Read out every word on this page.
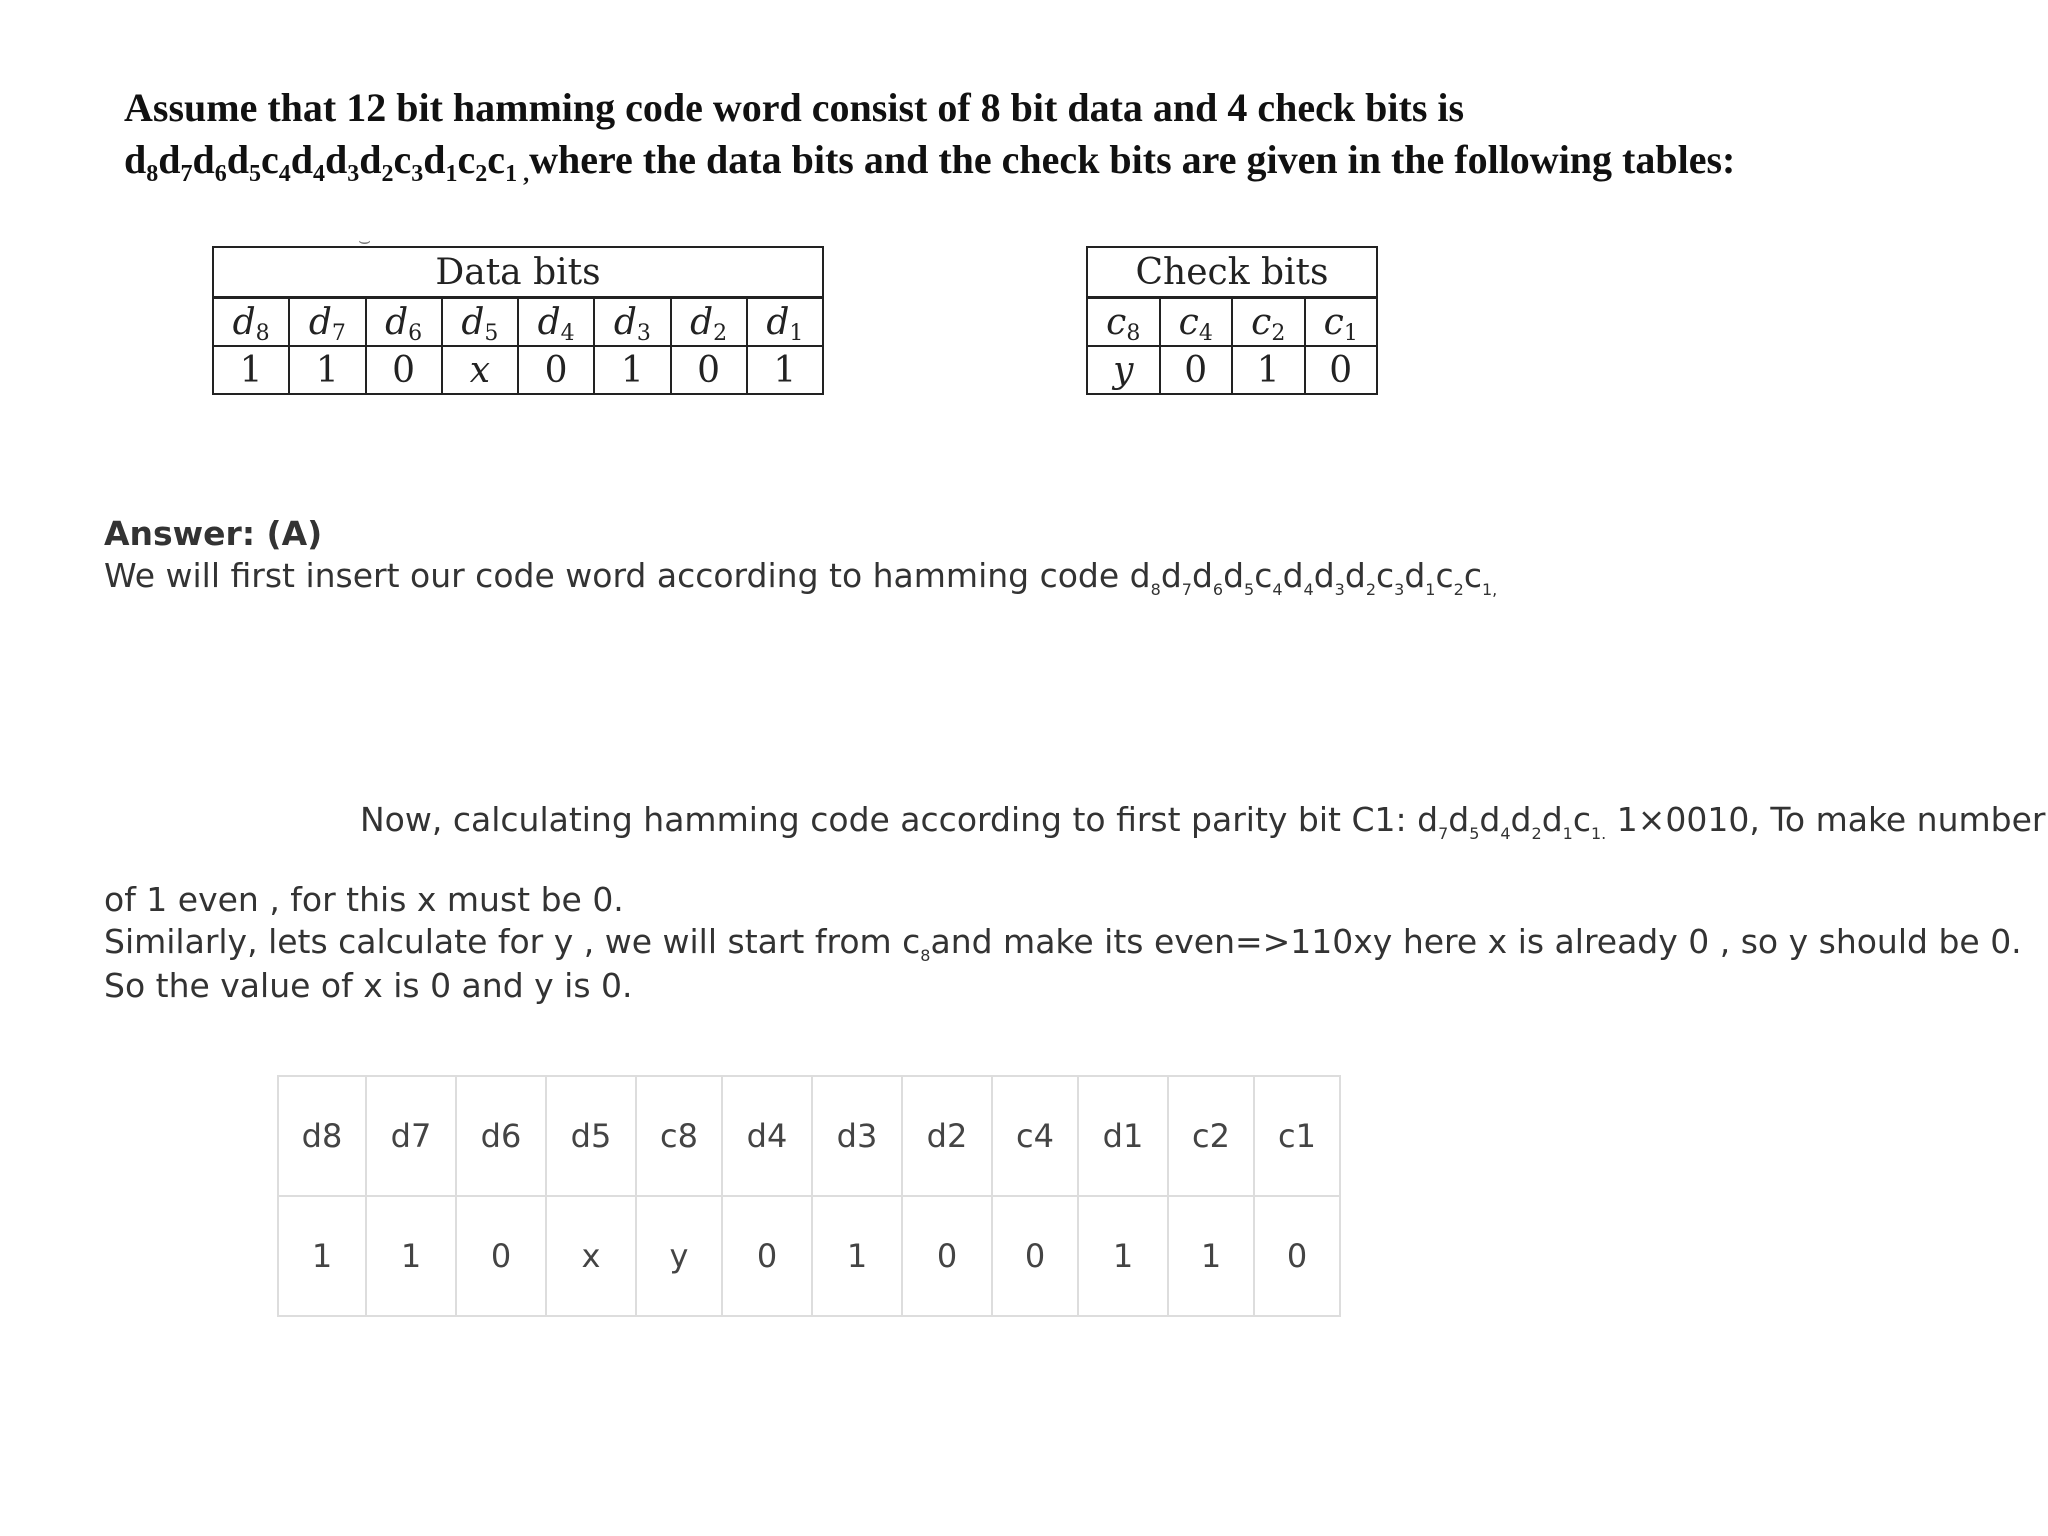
Assume that 12 bit hamming code word consist of 8 bit data and 4 check bits is
$d_8d_7d_6d_5c_4d_4d_3d_2c_3d_1c_2c_{1 ,}where$ the data bits and the check bits are given in the following tables:
⌣
Data bits							
$d_8$	$d_7$	$d_6$	$d_5$	$d_4$	$d_3$	$d_2$	$d_1$
1	1	0	x	0	1	0	1
Check bits			
$c_8$	$c_4$	$c_2$	$c_1$
y	0	1	0
Answer: (A)
We will first insert our code word according to hamming code $d_8d_7d_6d_5c_4d_4d_3d_2c_3d_1c_2c_{1,}$
Now, calculating hamming code according to first parity bit C1: $d_7d_5d_4d_2d_1c_{1.}$ 1×0010, To make number
of 1 even , for this x must be 0.
Similarly, lets calculate for y , we will start from $c_8and$ make its even=>110xy here x is already 0 , so y should be 0.
So the value of x is 0 and y is 0.
d8	d7	d6	d5	c8	d4	d3	d2	c4	d1	c2	c1
1	1	0	x	y	0	1	0	0	1	1	0
